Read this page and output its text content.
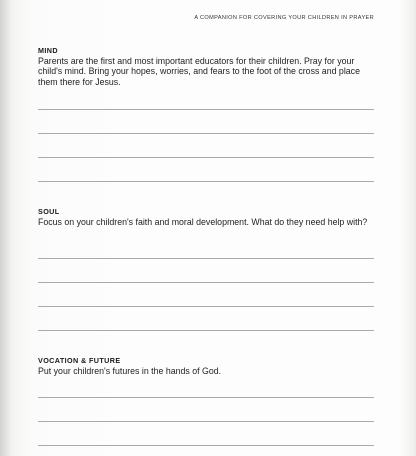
A COMPANION FOR COVERING YOUR CHILDREN IN PRAYER
MIND

Parents are the first and most important educators for their children. Pray for your child's mind. Bring your hopes, worries, and fears to the foot of the cross and place them there for Jesus.

SOUL

Focus on your children's faith and moral development. What do they need help with?

VOCATION & FUTURE

Put your children's futures in the hands of God.
